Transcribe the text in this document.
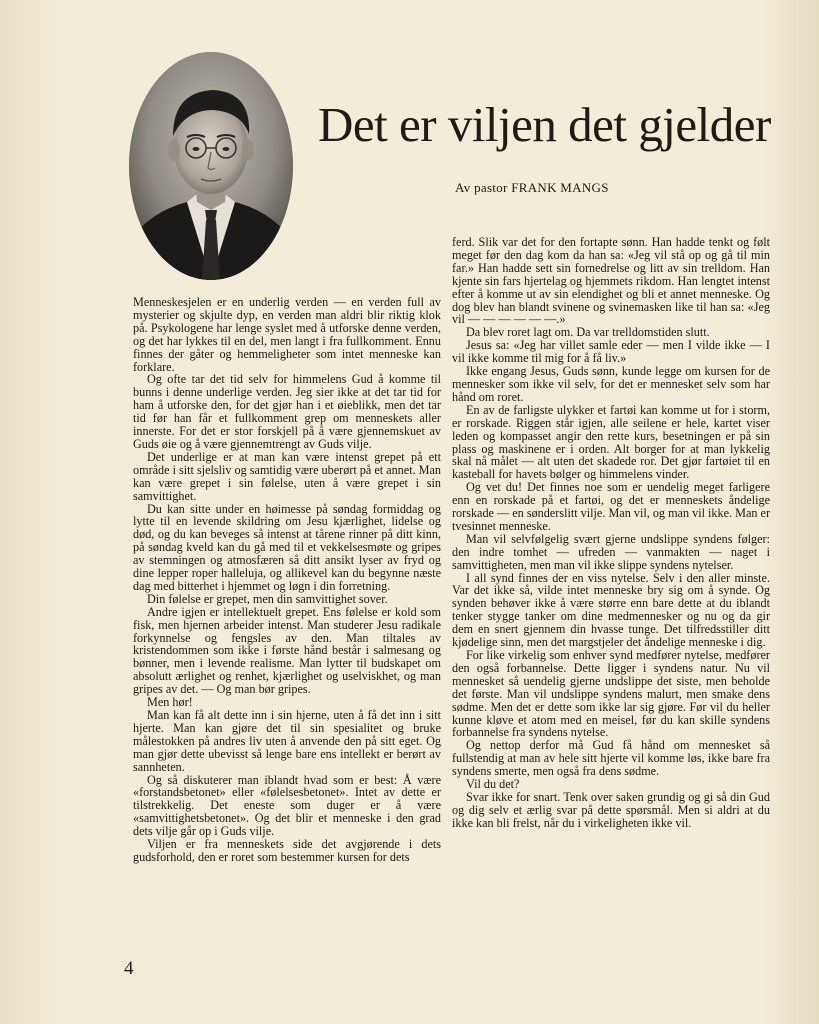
Det er viljen det gjelder

Av pastor FRANK MANGS

Menneskesjelen er en underlig verden — en verden full av mysterier og skjulte dyp, en verden man aldri blir riktig klok på. Psykologene har lenge syslet med å utforske denne verden, og det har lykkes til en del, men langt i fra fullkomment. Ennu finnes der gåter og hemmeligheter som intet menneske kan forklare.

Og ofte tar det tid selv for himmelens Gud å komme til bunns i denne underlige verden. Jeg sier ikke at det tar tid for ham å utforske den, for det gjør han i et øieblikk, men det tar tid før han får et fullkomment grep om menneskets aller innerste. For det er stor forskjell på å være gjennemskuet av Guds øie og å være gjennemtrengt av Guds vilje.

Det underlige er at man kan være intenst grepet på ett område i sitt sjelsliv og samtidig være uberørt på et annet. Man kan være grepet i sin følelse, uten å være grepet i sin samvittighet.

Du kan sitte under en høimesse på søndag formiddag og lytte til en levende skildring om Jesu kjærlighet, lidelse og død, og du kan beveges så intenst at tårene rinner på ditt kinn, på søndag kveld kan du gå med til et vekkelsesmøte og gripes av stemningen og atmosfæren så ditt ansikt lyser av fryd og dine lepper roper halleluja, og allikevel kan du begynne næste dag med bitterhet i hjemmet og løgn i din forretning.

Din følelse er grepet, men din samvittighet sover.

Andre igjen er intellektuelt grepet. Ens følelse er kold som fisk, men hjernen arbeider intenst. Man studerer Jesu radikale forkynnelse og fengsles av den. Man tiltales av kristendommen som ikke i første hånd består i salmesang og bønner, men i levende realisme. Man lytter til budskapet om absolutt ærlighet og renhet, kjærlighet og uselviskhet, og man gripes av det. — Og man bør gripes.

Men hør!

Man kan få alt dette inn i sin hjerne, uten å få det inn i sitt hjerte. Man kan gjøre det til sin spesialitet og bruke målestokken på andres liv uten å anvende den på sitt eget. Og man gjør dette ubevisst så lenge bare ens intellekt er berørt av sannheten.

Og så diskuterer man iblandt hvad som er best: Å være «forstandsbetonet» eller «følelsesbetonet». Intet av dette er tilstrekkelig. Det eneste som duger er å være «samvittighetsbetonet». Og det blir et menneske i den grad dets vilje går op i Guds vilje.

Viljen er fra menneskets side det avgjørende i dets gudsforhold, den er roret som bestemmer kursen for dets

ferd. Slik var det for den fortapte sønn. Han hadde tenkt og følt meget før den dag kom da han sa: «Jeg vil stå op og gå til min far.» Han hadde sett sin fornedrelse og litt av sin trelldom. Han kjente sin fars hjertelag og hjemmets rikdom. Han lengtet intenst efter å komme ut av sin elendighet og bli et annet menneske. Og dog blev han blandt svinene og svinemasken like til han sa: «Jeg vil — — — — — —.»

Da blev roret lagt om. Da var trelldomstiden slutt.

Jesus sa: «Jeg har villet samle eder — men I vilde ikke — I vil ikke komme til mig for å få liv.»

Ikke engang Jesus, Guds sønn, kunde legge om kursen for de mennesker som ikke vil selv, for det er mennesket selv som har hånd om roret.

En av de farligste ulykker et fartøi kan komme ut for i storm, er rorskade. Riggen står igjen, alle seilene er hele, kartet viser leden og kompasset angir den rette kurs, besetningen er på sin plass og maskinene er i orden. Alt borger for at man lykkelig skal nå målet — alt uten det skadede ror. Det gjør fartøiet til en kasteball for havets bølger og himmelens vinder.

Og vet du! Det finnes noe som er uendelig meget farligere enn en rorskade på et fartøi, og det er menneskets åndelige rorskade — en sønderslitt vilje. Man vil, og man vil ikke. Man er tvesinnet menneske.

Man vil selvfølgelig svært gjerne undslippe syndens følger: den indre tomhet — ufreden — vanmakten — naget i samvittigheten, men man vil ikke slippe syndens nytelser.

I all synd finnes der en viss nytelse. Selv i den aller minste. Var det ikke så, vilde intet menneske bry sig om å synde. Og synden behøver ikke å være større enn bare dette at du iblandt tenker stygge tanker om dine medmennesker og nu og da gir dem en snert gjennem din hvasse tunge. Det tilfredsstiller ditt kjødelige sinn, men det margstjeler det åndelige menneske i dig.

For like virkelig som enhver synd medfører nytelse, medfører den også forbannelse. Dette ligger i syndens natur. Nu vil mennesket så uendelig gjerne undslippe det siste, men beholde det første. Man vil undslippe syndens malurt, men smake dens sødme. Men det er dette som ikke lar sig gjøre. Før vil du heller kunne kløve et atom med en meisel, før du kan skille syndens forbannelse fra syndens nytelse.

Og nettop derfor må Gud få hånd om mennesket så fullstendig at man av hele sitt hjerte vil komme løs, ikke bare fra syndens smerte, men også fra dens sødme.

Vil du det?

Svar ikke for snart. Tenk over saken grundig og gi så din Gud og dig selv et ærlig svar på dette spørsmål. Men si aldri at du ikke kan bli frelst, når du i virkeligheten ikke vil.

4
